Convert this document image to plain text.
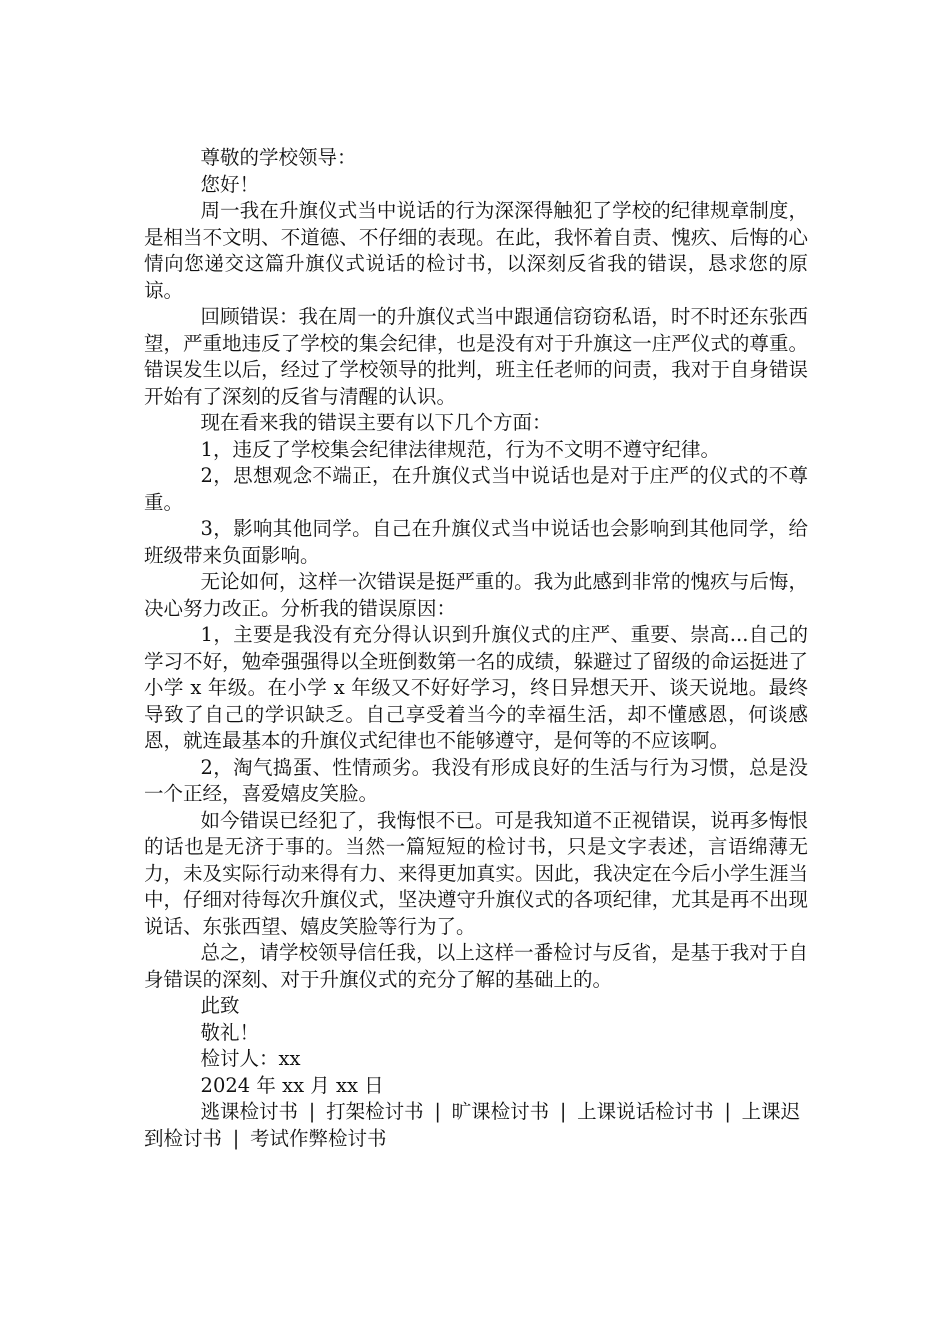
尊敬的学校领导：

您好！

周一我在升旗仪式当中说话的行为深深得触犯了学校的纪律规章制度，是相当不文明、不道德、不仔细的表现。在此，我怀着自责、愧疚、后悔的心情向您递交这篇升旗仪式说话的检讨书，以深刻反省我的错误，恳求您的原谅。

回顾错误：我在周一的升旗仪式当中跟通信窃窃私语，时不时还东张西望，严重地违反了学校的集会纪律，也是没有对于升旗这一庄严仪式的尊重。错误发生以后，经过了学校领导的批判，班主任老师的问责，我对于自身错误开始有了深刻的反省与清醒的认识。

现在看来我的错误主要有以下几个方面：

1，违反了学校集会纪律法律规范，行为不文明不遵守纪律。

2，思想观念不端正，在升旗仪式当中说话也是对于庄严的仪式的不尊重。

3，影响其他同学。自己在升旗仪式当中说话也会影响到其他同学，给班级带来负面影响。

无论如何，这样一次错误是挺严重的。我为此感到非常的愧疚与后悔，决心努力改正。分析我的错误原因：

1，主要是我没有充分得认识到升旗仪式的庄严、重要、崇高...自己的学习不好，勉牵强强得以全班倒数第一名的成绩，躲避过了留级的命运挺进了小学 x 年级。在小学 x 年级又不好好学习，终日异想天开、谈天说地。最终导致了自己的学识缺乏。自己享受着当今的幸福生活，却不懂感恩，何谈感恩，就连最基本的升旗仪式纪律也不能够遵守，是何等的不应该啊。

2，淘气捣蛋、性情顽劣。我没有形成良好的生活与行为习惯，总是没一个正经，喜爱嬉皮笑脸。

如今错误已经犯了，我悔恨不已。可是我知道不正视错误，说再多悔恨的话也是无济于事的。当然一篇短短的检讨书，只是文字表述，言语绵薄无力，未及实际行动来得有力、来得更加真实。因此，我决定在今后小学生涯当中，仔细对待每次升旗仪式，坚决遵守升旗仪式的各项纪律，尤其是再不出现说话、东张西望、嬉皮笑脸等行为了。

总之，请学校领导信任我，以上这样一番检讨与反省，是基于我对于自身错误的深刻、对于升旗仪式的充分了解的基础上的。

此致

敬礼！

检讨人：xx

2024 年 xx 月 xx 日

逃课检讨书 | 打架检讨书 | 旷课检讨书 | 上课说话检讨书 | 上课迟到检讨书 | 考试作弊检讨书
